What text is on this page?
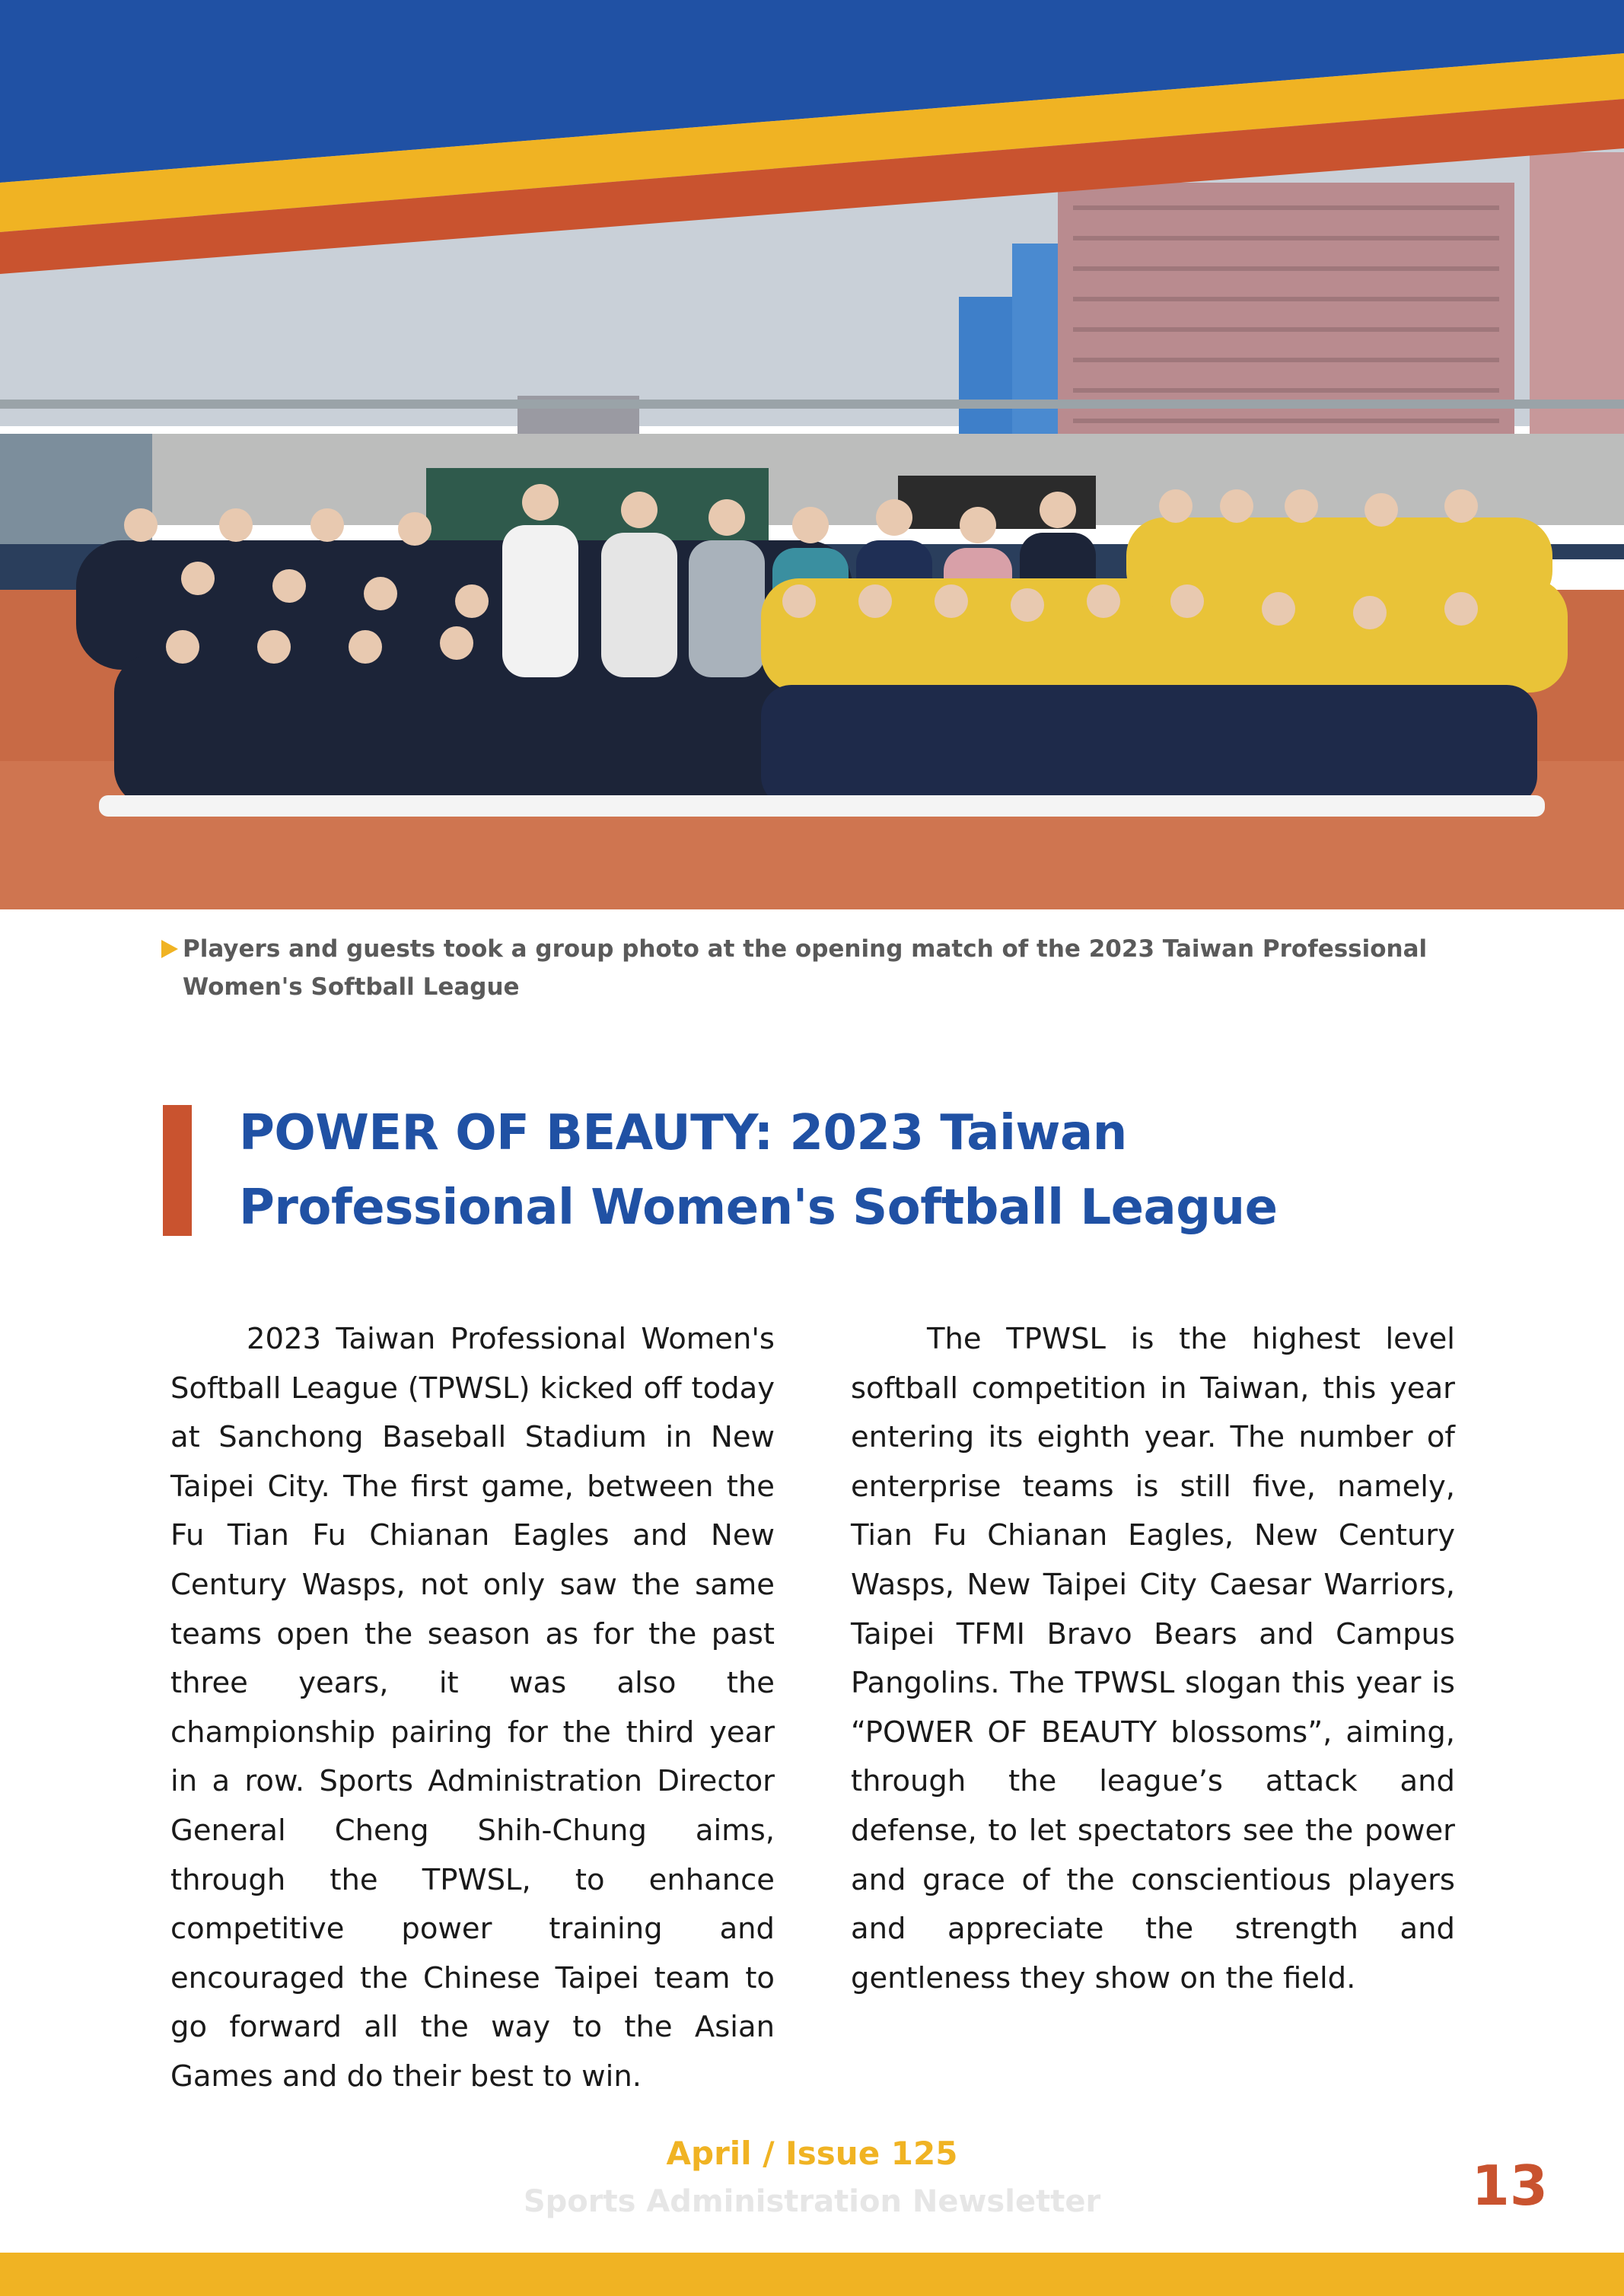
Players and guests took a group photo at the opening match of the 2023 Taiwan Professional Women's Softball League
POWER OF BEAUTY: 2023 Taiwan
Professional Women's Softball League

2023 Taiwan Professional Women's Softball League (TPWSL) kicked off today at Sanchong Baseball Stadium in New Taipei City. The first game, between the Fu Tian Fu Chianan Eagles and New Century Wasps, not only saw the same teams open the season as for the past three years, it was also the championship pairing for the third year in a row. Sports Administration Director General Cheng Shih-Chung aims, through the TPWSL, to enhance competitive power training and encouraged the Chinese Taipei team to go forward all the way to the Asian Games and do their best to win.

The TPWSL is the highest level softball competition in Taiwan, this year entering its eighth year. The number of enterprise teams is still five, namely, Tian Fu Chianan Eagles, New Century Wasps, New Taipei City Caesar Warriors, Taipei TFMI Bravo Bears and Campus Pangolins. The TPWSL slogan this year is “POWER OF BEAUTY blossoms”, aiming, through the league’s attack and defense, to let spectators see the power and grace of the conscientious players and appreciate the strength and gentleness they show on the field.

April / Issue 125
Sports Administration Newsletter	13
